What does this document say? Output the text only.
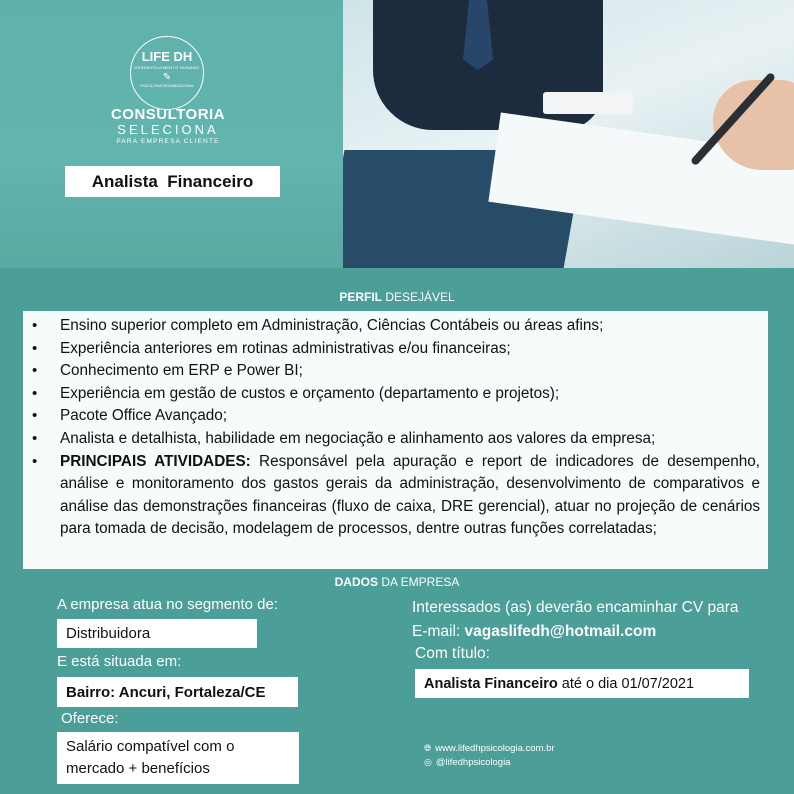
LIFE DH
DESENVOLVIMENTO HUMANO
✎
PSICOLOGIA ORGANIZACIONAL
CONSULTORIA
SELECIONA
PARA EMPRESA CLIENTE
Analista  Financeiro
PERFIL DESEJÁVEL
• Ensino superior completo em Administração, Ciências Contábeis ou áreas afins;
• Experiência anteriores em rotinas administrativas e/ou financeiras;
• Conhecimento em ERP e Power BI;
• Experiência em gestão de custos e orçamento (departamento e projetos);
• Pacote Office Avançado;
• Analista e detalhista, habilidade em negociação e alinhamento aos valores da empresa;
• PRINCIPAIS ATIVIDADES: Responsável pela apuração e report de indicadores de desempenho, análise e monitoramento dos gastos gerais da administração, desenvolvimento de comparativos e análise das demonstrações financeiras (fluxo de caixa, DRE gerencial), atuar no projeção de cenários para tomada de decisão, modelagem de processos, dentre outras funções correlatadas;
DADOS DA EMPRESA
A empresa atua no segmento de:
Distribuidora
E está situada em:
Bairro: Ancuri, Fortaleza/CE
Oferece:
Salário compatível com o
mercado + benefícios
Interessados (as) deverão encaminhar CV para
E-mail: vagaslifedh@hotmail.com
Com título:
Analista Financeiro até o dia 01/07/2021
🌐︎ www.lifedhpsicologia.com.br
◎ @lifedhpsicologia
